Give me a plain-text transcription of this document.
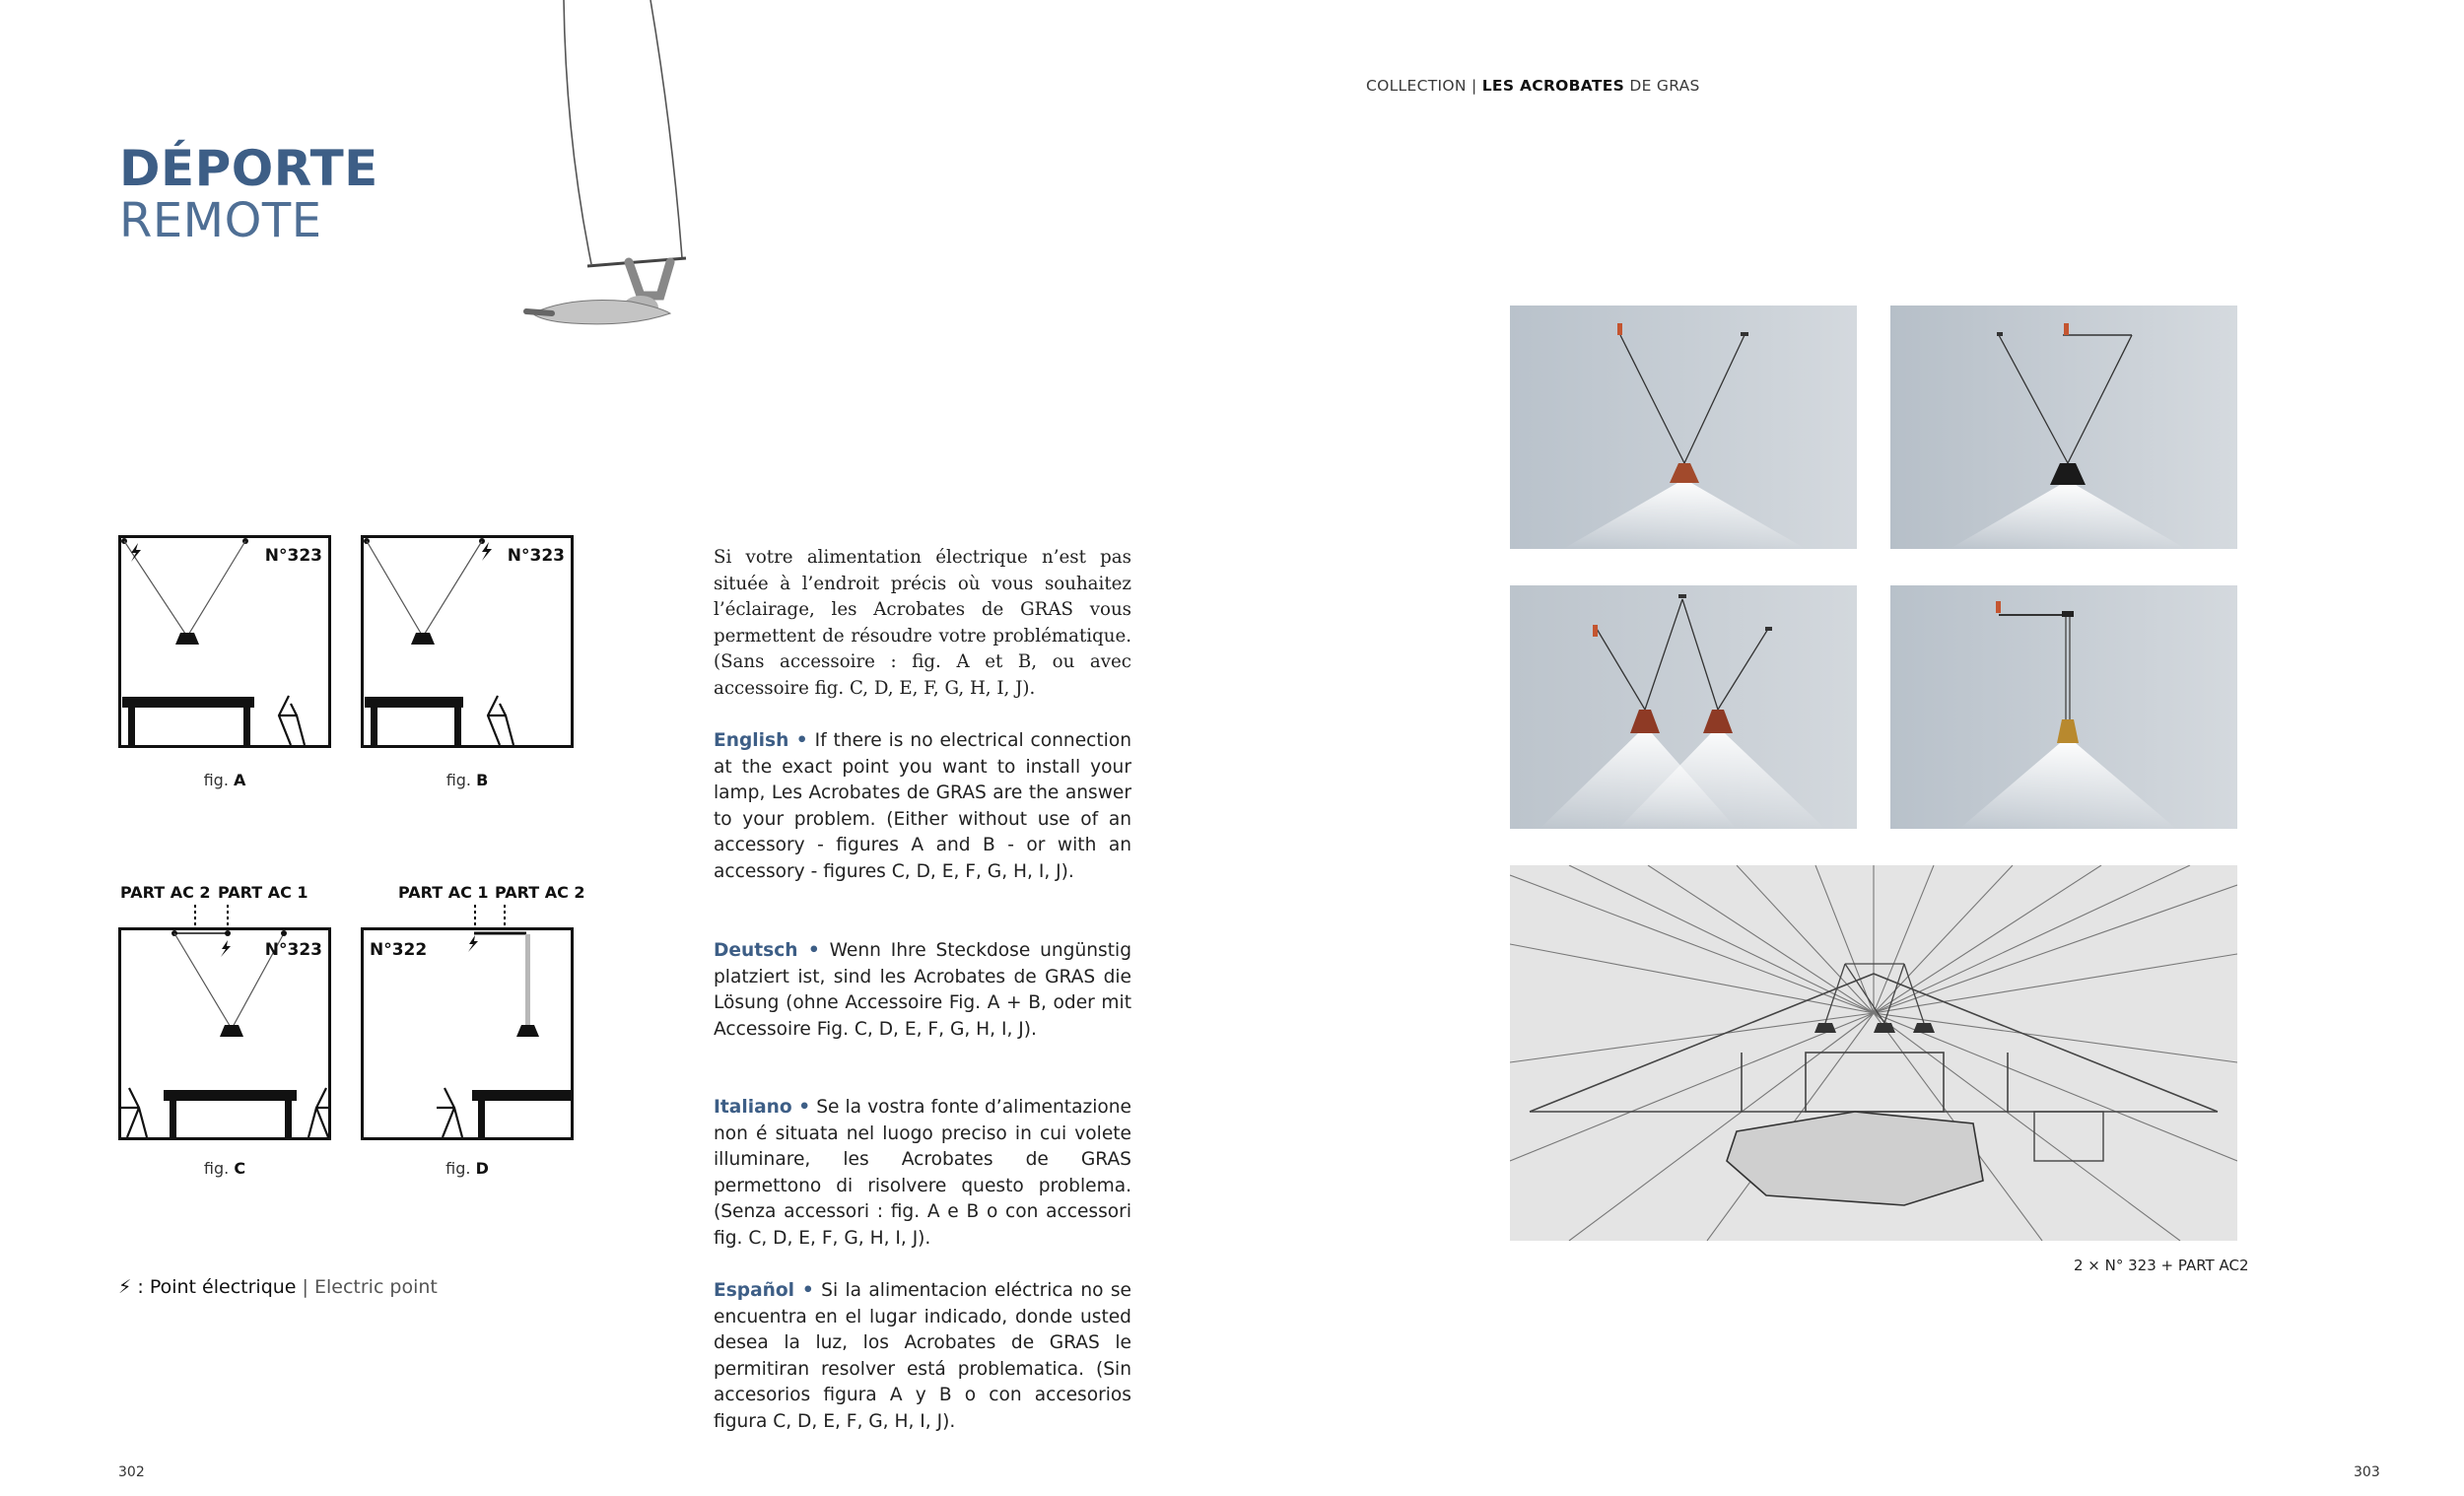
COLLECTION | LES ACROBATES DE GRAS
DÉPORTE
REMOTE
N°323
fig. A
N°323
fig. B
PART AC 2 PART AC 1
N°323
fig. C
PART AC 1 PART AC 2
N°322
fig. D
⚡ : Point électrique | Electric point
Si votre alimentation électrique n’est pas située à l’endroit précis où vous souhaitez l’éclairage, les Acrobates de GRAS vous permettent de résoudre votre problématique. (Sans accessoire : fig. A et B, ou avec accessoire fig. C, D, E, F, G, H, I, J).
English • If there is no electrical connection at the exact point you want to install your lamp, Les Acrobates de GRAS are the answer to your problem. (Either without use of an accessory - figures A and B - or with an accessory - figures C, D, E, F, G, H, I, J).
Deutsch • Wenn Ihre Steckdose ungünstig platziert ist, sind les Acrobates de GRAS die Lösung (ohne Accessoire Fig. A + B, oder mit Accessoire Fig. C, D, E, F, G, H, I, J).
Italiano • Se la vostra fonte d’alimentazione non é situata nel luogo preciso in cui volete illuminare, les Acrobates de GRAS permettono di risolvere questo problema. (Senza accessori : fig. A e B o con accessori fig. C, D, E, F, G, H, I, J).
Español • Si la alimentacion eléctrica no se encuentra en el lugar indicado, donde usted desea la luz, los Acrobates de GRAS le permitiran resolver está problematica. (Sin accesorios figura A y B o con accesorios figura C, D, E, F, G, H, I, J).
2 × N° 323 + PART AC2
302	303
